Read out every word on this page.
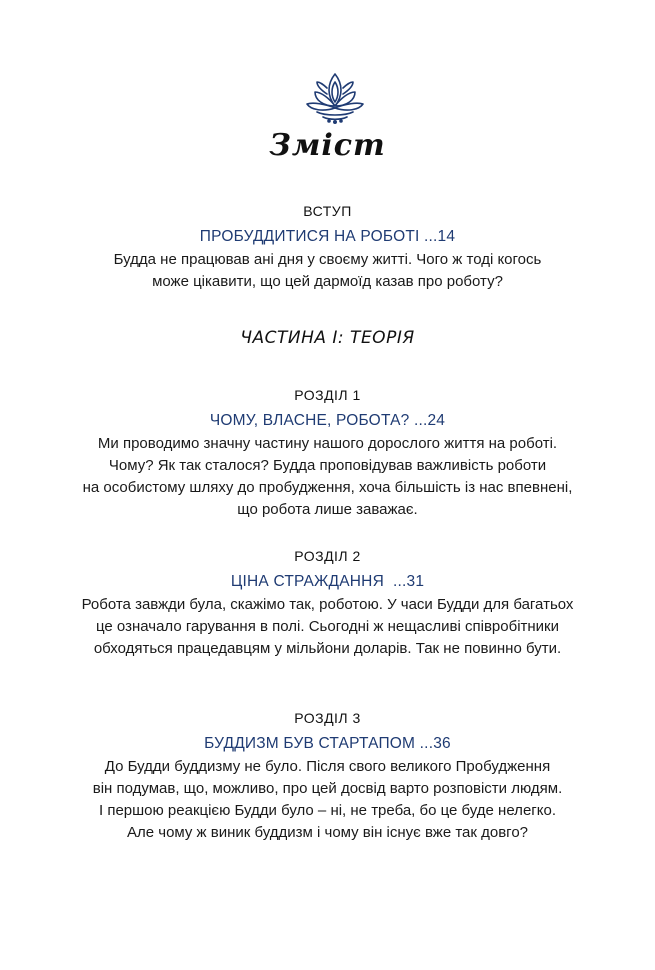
Зміст
ВСТУП
ПРОБУДДИТИСЯ НА РОБОТІ ...14
Будда не працював ані дня у своєму житті. Чого ж тоді когось
може цікавити, що цей дармоїд казав про роботу?
ЧАСТИНА І: ТЕОРІЯ
РОЗДІЛ 1
ЧОМУ, ВЛАСНЕ, РОБОТА? ...24
Ми проводимо значну частину нашого дорослого життя на роботі.
Чому? Як так сталося? Будда проповідував важливість роботи
на особистому шляху до пробудження, хоча більшість із нас впевнені,
що робота лише заважає.
РОЗДІЛ 2
ЦІНА СТРАЖДАННЯ  ...31
Робота завжди була, скажімо так, роботою. У часи Будди для багатьох
це означало гарування в полі. Сьогодні ж нещасливі співробітники
обходяться працедавцям у мільйони доларів. Так не повинно бути.
РОЗДІЛ 3
БУДДИЗМ БУВ СТАРТАПОМ ...36
До Будди буддизму не було. Після свого великого Пробудження
він подумав, що, можливо, про цей досвід варто розповісти людям.
І першою реакцією Будди було – ні, не треба, бо це буде нелегко.
Але чому ж виник буддизм і чому він існує вже так довго?
